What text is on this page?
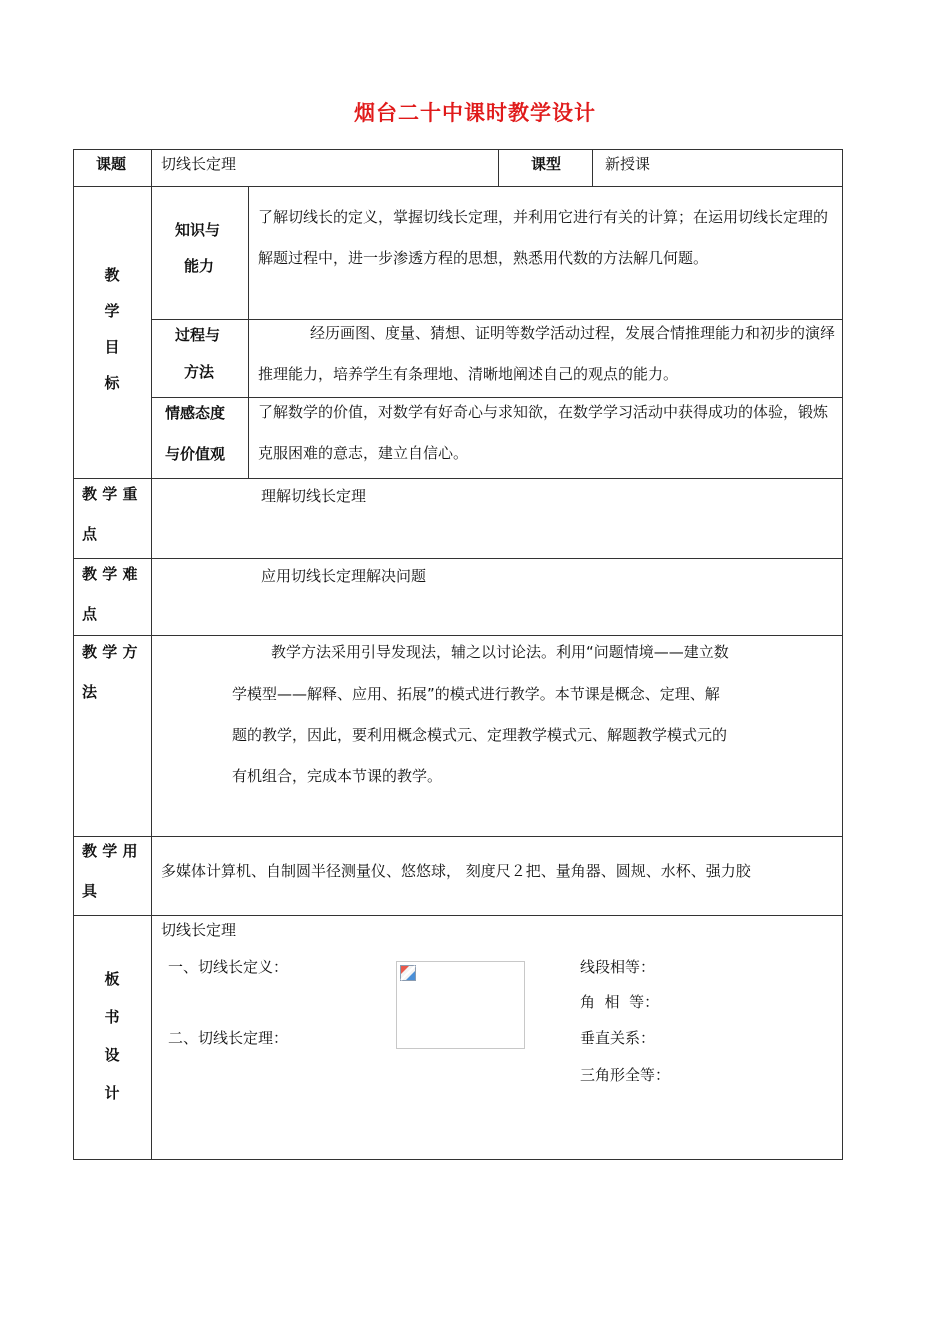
烟台二十中课时教学设计
课题 切线长定理	课型	新授课
教
学
目
标
知识与
能力
了解切线长的定义，掌握切线长定理，并利用它进行有关的计算；在运用切线长定理的解题过程中，进一步渗透方程的思想，熟悉用代数的方法解几何题。
过程与
方法
经历画图、度量、猜想、证明等数学活动过程，发展合情推理能力和初步的演绎推理能力，培养学生有条理地、清晰地阐述自己的观点的能力。
情感态度
与价值观
了解数学的价值，对数学有好奇心与求知欲，在数学学习活动中获得成功的体验，锻炼克服困难的意志，建立自信心。
教 学 重
点
理解切线长定理
教 学 难
点
应用切线长定理解决问题
教 学 方
法
教学方法采用引导发现法，辅之以讨论法。利用“问题情境——建立数
学模型——解释、应用、拓展”的模式进行教学。本节课是概念、定理、解
题的教学，因此，要利用概念模式元、定理教学模式元、解题教学模式元的
有机组合，完成本节课的教学。
教 学 用
具
多媒体计算机、自制圆半径测量仪、悠悠球， 刻度尺２把、量角器、圆规、水杯、强力胶
板
书
设
计
切线长定理
一、切线长定义：
二、切线长定理：
线段相等：
角  相  等：
垂直关系：
三角形全等：
